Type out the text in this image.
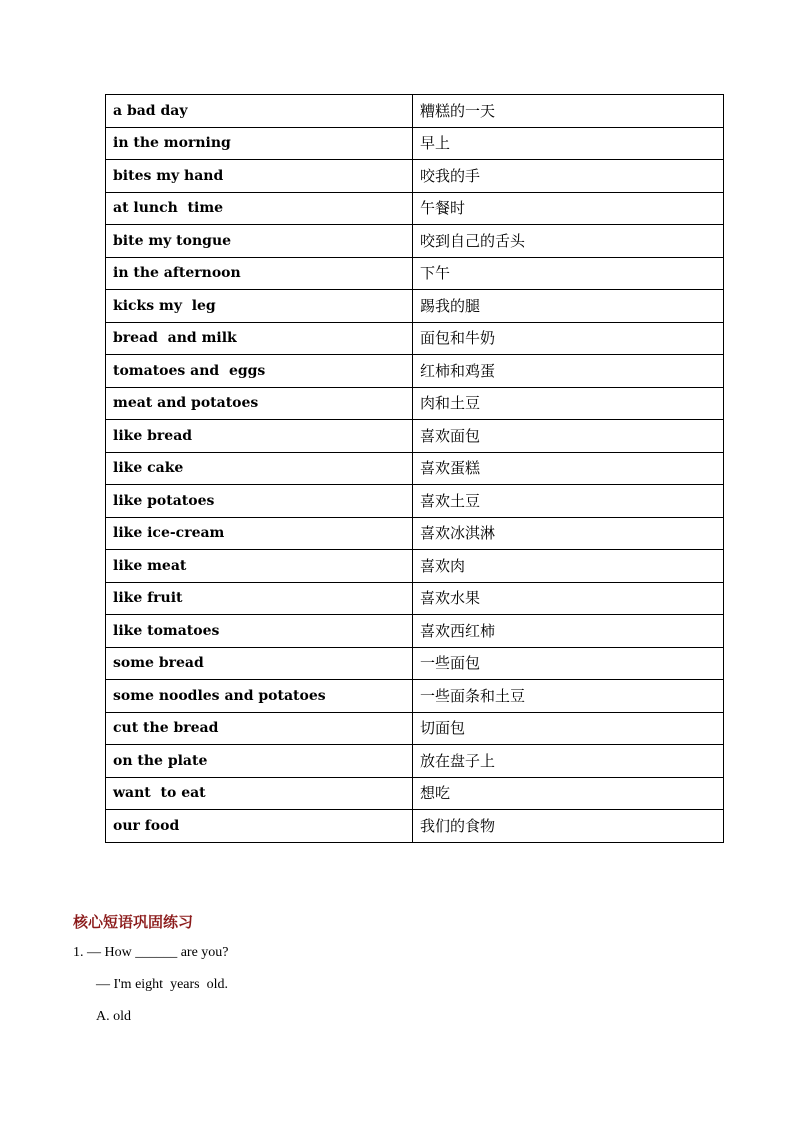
a bad day	糟糕的一天
in the morning	早上
bites my hand	咬我的手
at lunch  time	午餐时
bite my tongue	咬到自己的舌头
in the afternoon	下午
kicks my  leg	踢我的腿
bread  and milk	面包和牛奶
tomatoes and  eggs	红柿和鸡蛋
meat and potatoes	肉和土豆
like bread	喜欢面包
like cake	喜欢蛋糕
like potatoes	喜欢土豆
like ice-cream	喜欢冰淇淋
like meat	喜欢肉
like fruit	喜欢水果
like tomatoes	喜欢西红柿
some bread	一些面包
some noodles and potatoes	一些面条和土豆
cut the bread	切面包
on the plate	放在盘子上
want  to eat	想吃
our food	我们的食物
核心短语巩固练习
1. — How ______ are you?
— I'm eight  years  old.
A. old
